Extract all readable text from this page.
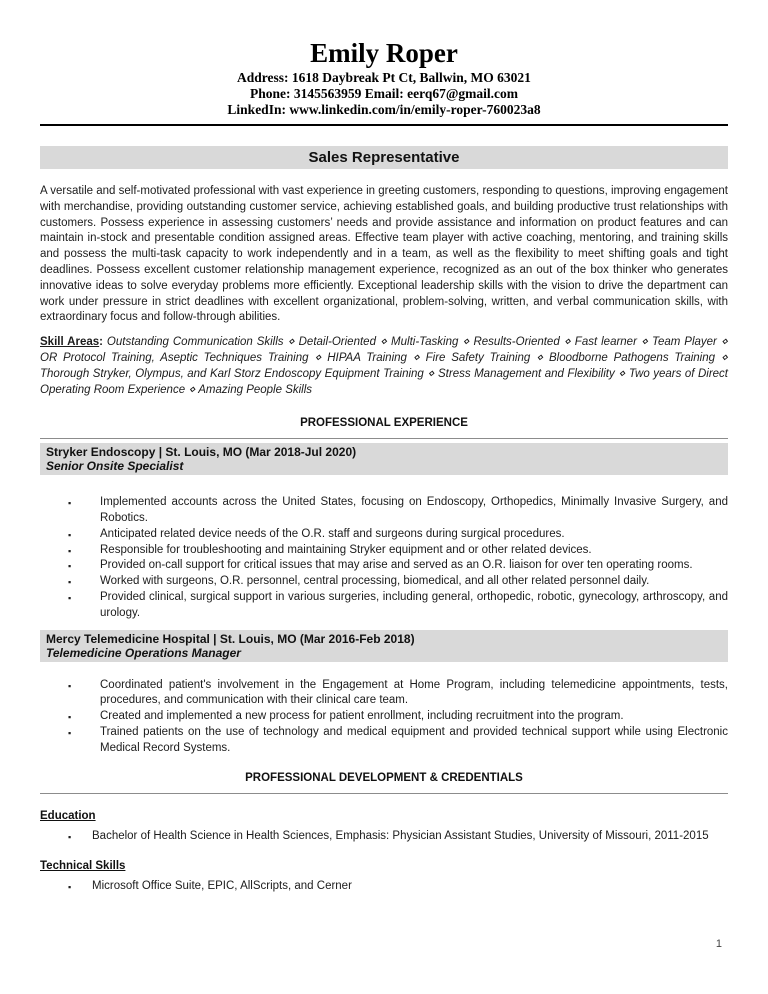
Emily Roper
Address: 1618 Daybreak Pt Ct, Ballwin, MO 63021
Phone: 3145563959 Email: eerq67@gmail.com
LinkedIn: www.linkedin.com/in/emily-roper-760023a8
Sales Representative

A versatile and self-motivated professional with vast experience in greeting customers, responding to questions, improving engagement with merchandise, providing outstanding customer service, achieving established goals, and building productive trust relationships with customers. Possess experience in assessing customers’ needs and provide assistance and information on product features and can maintain in-stock and presentable condition assigned areas. Effective team player with active coaching, mentoring, and training skills and possess the multi-task capacity to work independently and in a team, as well as the flexibility to meet shifting goals and tight deadlines. Possess excellent customer relationship management experience, recognized as an out of the box thinker who generates innovative ideas to solve everyday problems more efficiently. Exceptional leadership skills with the vision to drive the department can work under pressure in strict deadlines with excellent organizational, problem-solving, written, and verbal communication skills, with extraordinary focus and follow-through abilities.

Skill Areas: Outstanding Communication Skills ⋄ Detail-Oriented ⋄ Multi-Tasking ⋄ Results-Oriented ⋄ Fast learner ⋄ Team Player ⋄ OR Protocol Training, Aseptic Techniques Training ⋄ HIPAA Training ⋄ Fire Safety Training ⋄ Bloodborne Pathogens Training ⋄ Thorough Stryker, Olympus, and Karl Storz Endoscopy Equipment Training ⋄ Stress Management and Flexibility ⋄ Two years of Direct Operating Room Experience ⋄ Amazing People Skills

PROFESSIONAL EXPERIENCE
Stryker Endoscopy | St. Louis, MO (Mar 2018-Jul 2020)
Senior Onsite Specialist
▪ Implemented accounts across the United States, focusing on Endoscopy, Orthopedics, Minimally Invasive Surgery, and Robotics.
▪ Anticipated related device needs of the O.R. staff and surgeons during surgical procedures.
▪ Responsible for troubleshooting and maintaining Stryker equipment and or other related devices.
▪ Provided on-call support for critical issues that may arise and served as an O.R. liaison for over ten operating rooms.
▪ Worked with surgeons, O.R. personnel, central processing, biomedical, and all other related personnel daily.
▪ Provided clinical, surgical support in various surgeries, including general, orthopedic, robotic, gynecology, arthroscopy, and urology.
Mercy Telemedicine Hospital | St. Louis, MO (Mar 2016-Feb 2018)
Telemedicine Operations Manager
▪ Coordinated patient's involvement in the Engagement at Home Program, including telemedicine appointments, tests, procedures, and communication with their clinical care team.
▪ Created and implemented a new process for patient enrollment, including recruitment into the program.
▪ Trained patients on the use of technology and medical equipment and provided technical support while using Electronic Medical Record Systems.
PROFESSIONAL DEVELOPMENT & CREDENTIALS
Education
▪ Bachelor of Health Science in Health Sciences, Emphasis: Physician Assistant Studies, University of Missouri, 2011-2015
Technical Skills
▪ Microsoft Office Suite, EPIC, AllScripts, and Cerner
1
